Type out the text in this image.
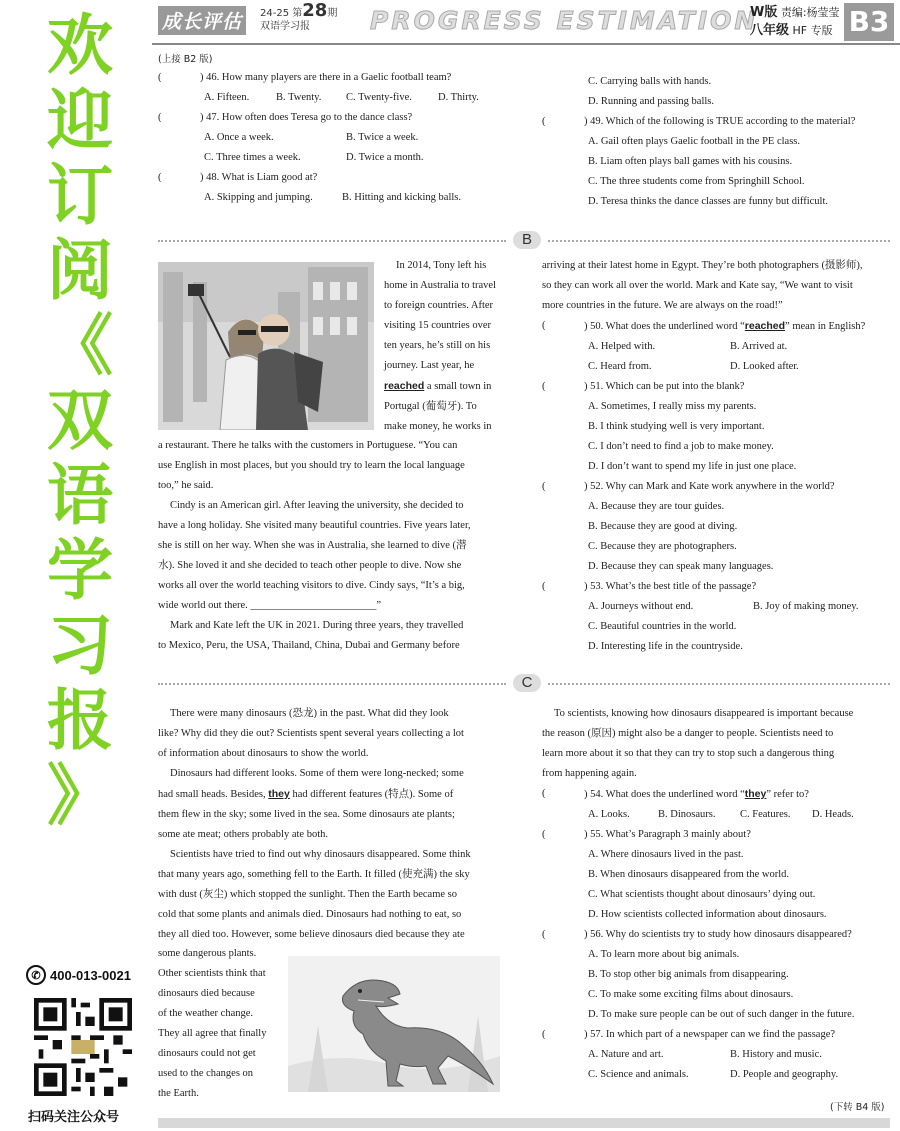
欢
迎
订
阅
《
双
语
学
习
报
》
✆ 400-013-0021
扫码关注公众号
成长评估	24-25 第28期
双语学习报	PROGRESS ESTIMATION
W版 责编:杨莹莹
八年级 HF 专版 B3
(上接 B2 版)
(	) 46. How many players are there in a Gaelic football team?
A. Fifteen.	B. Twenty.	C. Twenty-five.	D. Thirty.
(	) 47. How often does Teresa go to the dance class?
A. Once a week.	B. Twice a week.
C. Three times a week.	D. Twice a month.
(	) 48. What is Liam good at?
A. Skipping and jumping.	B. Hitting and kicking balls.
C. Carrying balls with hands.
D. Running and passing balls.
(	) 49. Which of the following is TRUE according to the material?
A. Gail often plays Gaelic football in the PE class.
B. Liam often plays ball games with his cousins.
C. The three students come from Springhill School.
D. Teresa thinks the dance classes are funny but difficult.
B

In 2014, Tony left his

home in Australia to travel

to foreign countries. After

visiting 15 countries over

ten years, he’s still on his

journey. Last year, he

reached a small town in

Portugal (葡萄牙). To

make money, he works in

a restaurant. There he talks with the customers in Portuguese. “You can

use English in most places, but you should try to learn the local language

too,” he said.

Cindy is an American girl. After leaving the university, she decided to

have a long holiday. She visited many beautiful countries. Five years later,

she is still on her way. When she was in Australia, she learned to dive (潜

水). She loved it and she decided to teach other people to dive. Now she

works all over the world teaching visitors to dive. Cindy says, “It’s a big,

wide world out there. ________________________”

Mark and Kate left the UK in 2021. During three years, they travelled

to Mexico, Peru, the USA, Thailand, China, Dubai and Germany before

arriving at their latest home in Egypt. They’re both photographers (摄影师),

so they can work all over the world. Mark and Kate say, “We want to visit

more countries in the future. We are always on the road!”

(	) 50. What does the underlined word “reached” mean in English?
A. Helped with.	B. Arrived at.
C. Heard from.	D. Looked after.
(	) 51. Which can be put into the blank?
A. Sometimes, I really miss my parents.
B. I think studying well is very important.
C. I don’t need to find a job to make money.
D. I don’t want to spend my life in just one place.
(	) 52. Why can Mark and Kate work anywhere in the world?
A. Because they are tour guides.
B. Because they are good at diving.
C. Because they are photographers.
D. Because they can speak many languages.
(	) 53. What’s the best title of the passage?
A. Journeys without end.	B. Joy of making money.
C. Beautiful countries in the world.
D. Interesting life in the countryside.
C

There were many dinosaurs (恐龙) in the past. What did they look

like? Why did they die out? Scientists spent several years collecting a lot

of information about dinosaurs to show the world.

Dinosaurs had different looks. Some of them were long-necked; some

had small heads. Besides, they had different features (特点). Some of

them flew in the sky; some lived in the sea. Some dinosaurs ate plants;

some ate meat; others probably ate both.

Scientists have tried to find out why dinosaurs disappeared. Some think

that many years ago, something fell to the Earth. It filled (使充满) the sky

with dust (灰尘) which stopped the sunlight. Then the Earth became so

cold that some plants and animals died. Dinosaurs had nothing to eat, so

they all died too. However, some believe dinosaurs died because they ate

some dangerous plants.

Other scientists think that

dinosaurs died because

of the weather change.

They all agree that finally

dinosaurs could not get

used to the changes on

the Earth.

To scientists, knowing how dinosaurs disappeared is important because

the reason (原因) might also be a danger to people. Scientists need to

learn more about it so that they can try to stop such a dangerous thing

from happening again.

(	) 54. What does the underlined word “they” refer to?
A. Looks.	B. Dinosaurs.	C. Features.	D. Heads.
(	) 55. What’s Paragraph 3 mainly about?
A. Where dinosaurs lived in the past.
B. When dinosaurs disappeared from the world.
C. What scientists thought about dinosaurs’ dying out.
D. How scientists collected information about dinosaurs.
(	) 56. Why do scientists try to study how dinosaurs disappeared?
A. To learn more about big animals.
B. To stop other big animals from disappearing.
C. To make some exciting films about dinosaurs.
D. To make sure people can be out of such danger in the future.
(	) 57. In which part of a newspaper can we find the passage?
A. Nature and art.	B. History and music.
C. Science and animals.	D. People and geography.
(下转 B4 版)
